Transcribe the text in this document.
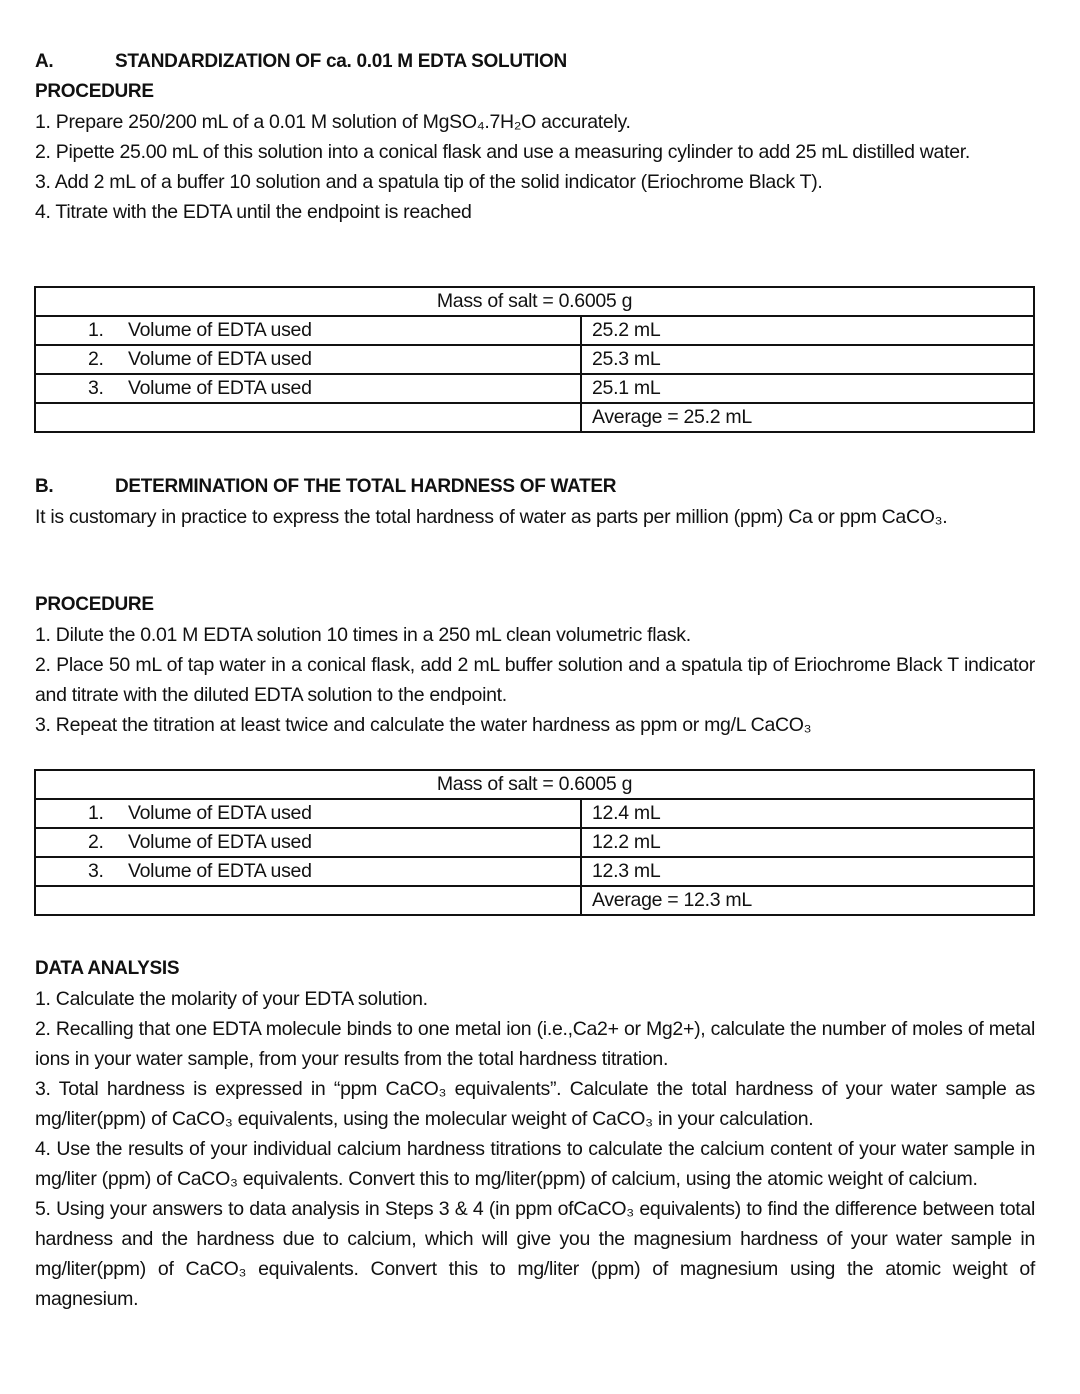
A.	STANDARDIZATION OF ca. 0.01 M EDTA SOLUTION
PROCEDURE
1. Prepare 250/200 mL of a 0.01 M solution of MgSO₄.7H₂O accurately.
2. Pipette 25.00 mL of this solution into a conical flask and use a measuring cylinder to add 25 mL distilled water.
3. Add 2 mL of a buffer 10 solution and a spatula tip of the solid indicator (Eriochrome Black T).
4. Titrate with the EDTA until the endpoint is reached
Mass of salt = 0.6005 g	
1. Volume of EDTA used	25.2 mL
2. Volume of EDTA used	25.3 mL
3. Volume of EDTA used	25.1 mL
	Average = 25.2 mL
B.	DETERMINATION OF THE TOTAL HARDNESS OF WATER
It is customary in practice to express the total hardness of water as parts per million (ppm) Ca or ppm CaCO₃.
PROCEDURE
1. Dilute the 0.01 M EDTA solution 10 times in a 250 mL clean volumetric flask.
2. Place 50 mL of tap water in a conical flask, add 2 mL buffer solution and a spatula tip of Eriochrome Black T indicator and titrate with the diluted EDTA solution to the endpoint.
3. Repeat the titration at least twice and calculate the water hardness as ppm or mg/L CaCO₃
Mass of salt = 0.6005 g	
1. Volume of EDTA used	12.4 mL
2. Volume of EDTA used	12.2 mL
3. Volume of EDTA used	12.3 mL
	Average = 12.3 mL
DATA ANALYSIS
1. Calculate the molarity of your EDTA solution.
2. Recalling that one EDTA molecule binds to one metal ion (i.e.,Ca2+ or Mg2+), calculate the number of moles of metal ions in your water sample, from your results from the total hardness titration.
3. Total hardness is expressed in “ppm CaCO₃ equivalents”. Calculate the total hardness of your water sample as mg/liter(ppm) of CaCO₃ equivalents, using the molecular weight of CaCO₃ in your calculation.
4. Use the results of your individual calcium hardness titrations to calculate the calcium content of your water sample in mg/liter (ppm) of CaCO₃ equivalents. Convert this to mg/liter(ppm) of calcium, using the atomic weight of calcium.
5. Using your answers to data analysis in Steps 3 & 4 (in ppm ofCaCO₃ equivalents) to find the difference between total hardness and the hardness due to calcium, which will give you the magnesium hardness of your water sample in mg/liter(ppm) of CaCO₃ equivalents. Convert this to mg/liter (ppm) of magnesium using the atomic weight of magnesium.
